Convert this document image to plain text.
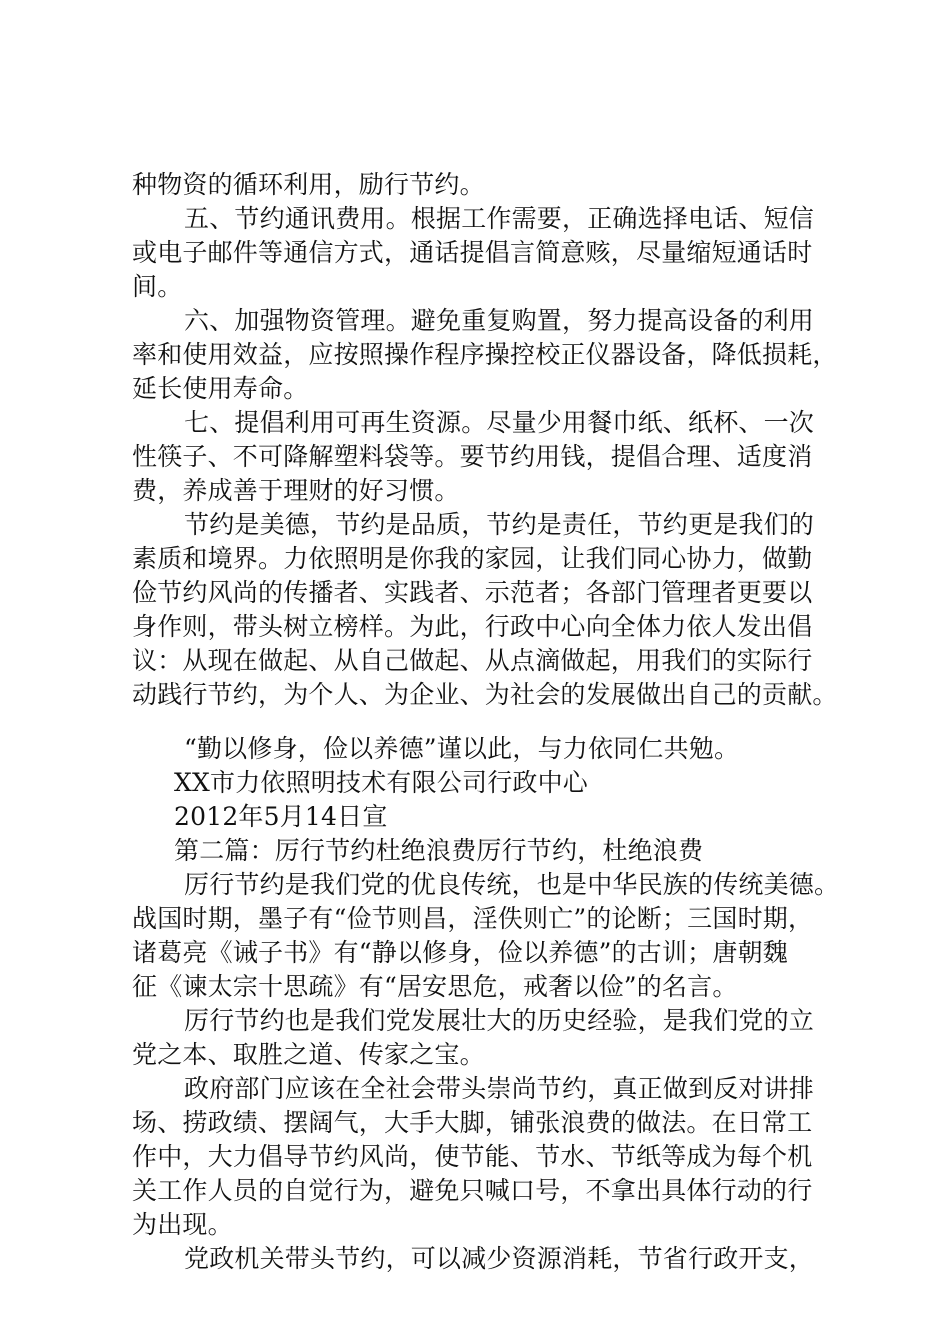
种物资的循环利用，励行节约。
五、节约通讯费用。根据工作需要，正确选择电话、短信
或电子邮件等通信方式，通话提倡言简意赅，尽量缩短通话时
间。
六、加强物资管理。避免重复购置，努力提高设备的利用
率和使用效益，应按照操作程序操控校正仪器设备，降低损耗，
延长使用寿命。
七、提倡利用可再生资源。尽量少用餐巾纸、纸杯、一次
性筷子、不可降解塑料袋等。要节约用钱，提倡合理、适度消
费，养成善于理财的好习惯。
节约是美德，节约是品质，节约是责任，节约更是我们的
素质和境界。力依照明是你我的家园，让我们同心协力，做勤
俭节约风尚的传播者、实践者、示范者；各部门管理者更要以
身作则，带头树立榜样。为此，行政中心向全体力依人发出倡
议：从现在做起、从自己做起、从点滴做起，用我们的实际行
动践行节约，为个人、为企业、为社会的发展做出自己的贡献。
“勤以修身，俭以养德”谨以此，与力依同仁共勉。
XX市力依照明技术有限公司行政中心
2012年5月14日宣
第二篇：厉行节约杜绝浪费厉行节约，杜绝浪费
厉行节约是我们党的优良传统，也是中华民族的传统美德。
战国时期，墨子有“俭节则昌，淫佚则亡”的论断；三国时期，
诸葛亮《诫子书》有“静以修身，俭以养德”的古训；唐朝魏
征《谏太宗十思疏》有“居安思危，戒奢以俭”的名言。
厉行节约也是我们党发展壮大的历史经验，是我们党的立
党之本、取胜之道、传家之宝。
政府部门应该在全社会带头崇尚节约，真正做到反对讲排
场、捞政绩、摆阔气，大手大脚，铺张浪费的做法。在日常工
作中，大力倡导节约风尚，使节能、节水、节纸等成为每个机
关工作人员的自觉行为，避免只喊口号，不拿出具体行动的行
为出现。
党政机关带头节约，可以减少资源消耗，节省行政开支，
